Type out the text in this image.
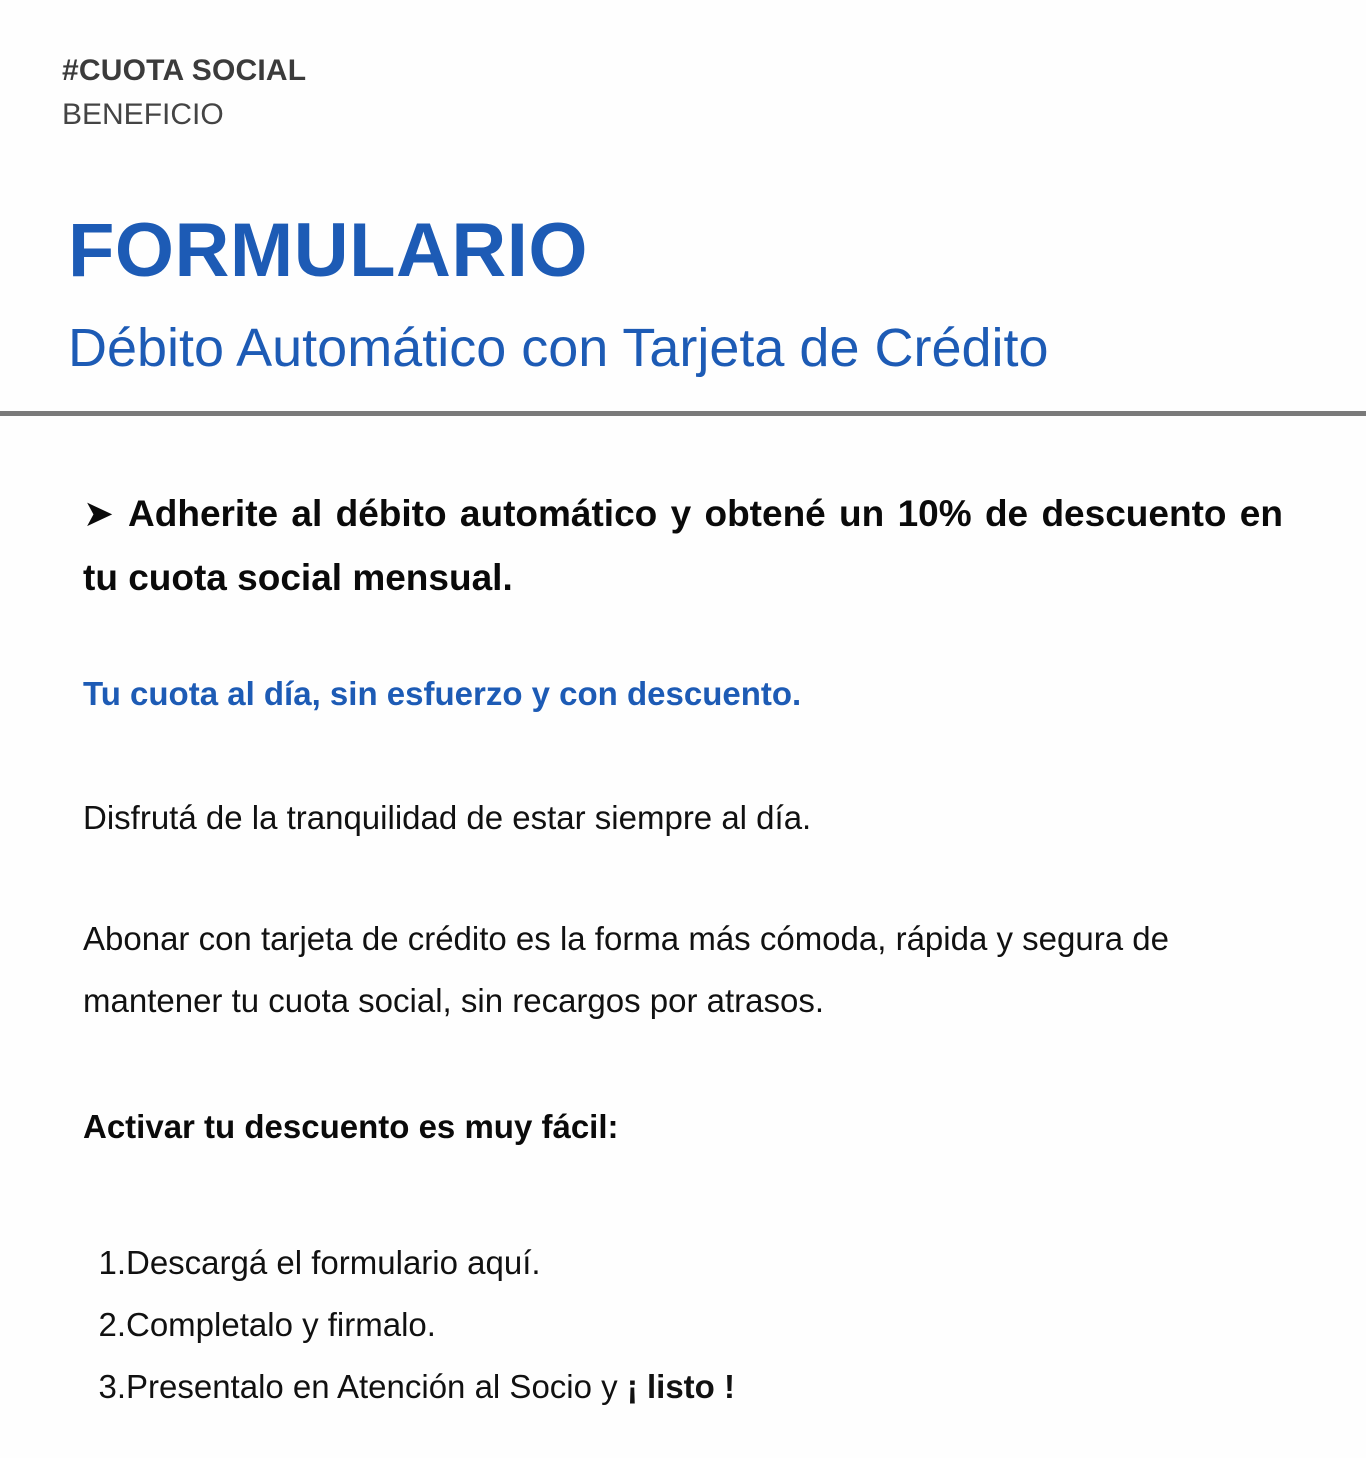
#CUOTA SOCIAL
BENEFICIO
FORMULARIO
Débito Automático con Tarjeta de Crédito

➤ Adherite al débito automático y obtené un 10% de descuento en tu cuota social mensual.

Tu cuota al día, sin esfuerzo y con descuento.

Disfrutá de la tranquilidad de estar siempre al día.

Abonar con tarjeta de crédito es la forma más cómoda, rápida y segura de mantener tu cuota social, sin recargos por atrasos.

Activar tu descuento es muy fácil:

1. Descargá el formulario aquí.
2. Completalo y firmalo.
3. Presentalo en Atención al Socio y ¡ listo !
